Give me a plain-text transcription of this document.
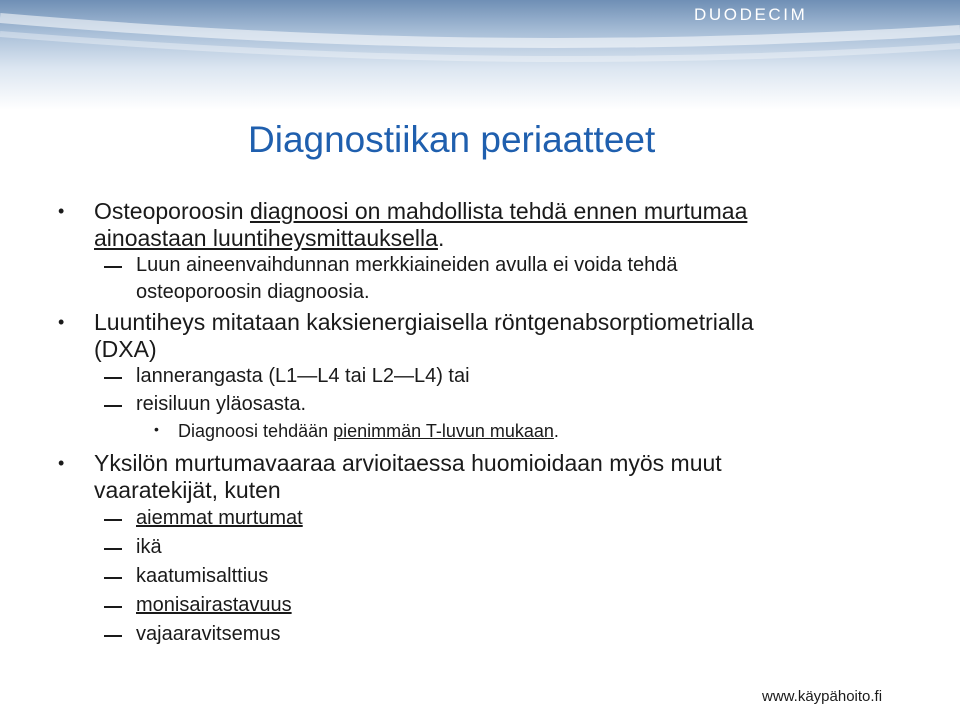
DUODECIM
Diagnostiikan periaatteet
• Osteoporoosin diagnoosi on mahdollista tehdä ennen murtumaa
ainoastaan luuntiheysmittauksella.
Luun aineenvaihdunnan merkkiaineiden avulla ei voida tehdä
osteoporoosin diagnoosia.
• Luuntiheys mitataan kaksienergiaisella röntgenabsorptiometrialla
(DXA)
lannerangasta (L1—L4 tai L2—L4) tai
reisiluun yläosasta.
• Diagnoosi tehdään pienimmän T-luvun mukaan.
• Yksilön murtumavaaraa arvioitaessa huomioidaan myös muut
vaaratekijät, kuten
aiemmat murtumat
ikä
kaatumisalttius
monisairastavuus
vajaaravitsemus
www.käypähoito.fi
